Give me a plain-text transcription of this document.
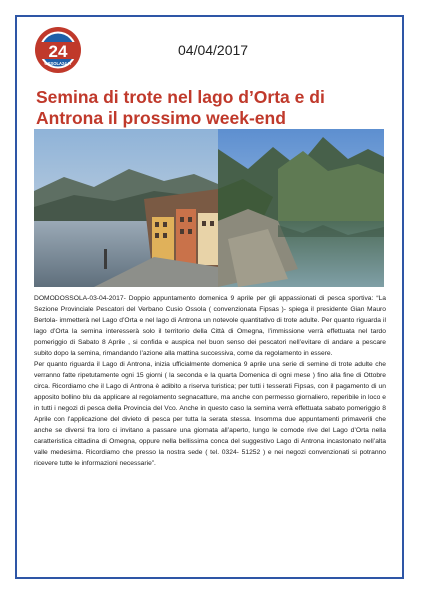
24
OSSOLA24.IT
04/04/2017
Semina di trote nel lago d’Orta e di Antrona il prossimo week-end

DOMODOSSOLA-03-04-2017- Doppio appuntamento domenica 9 aprile per gli appassionati di pesca sportiva: “La Sezione Provinciale Pescatori del Verbano Cusio Ossola ( convenzionata Fipsas )- spiega il presidente Gian Mauro Bertola- immetterà nel Lago d’Orta e nel lago di Antrona un notevole quantitativo di trote adulte. Per quanto riguarda il lago d’Orta la semina interesserà solo il territorio della Città di Omegna, l’immissione verrà effettuata nel tardo pomeriggio di Sabato 8 Aprile , si confida e auspica nel buon senso dei pescatori nell’evitare di andare a pescare subito dopo la semina, rimandando l’azione alla mattina successiva, come da regolamento in essere.

Per quanto riguarda il Lago di Antrona, inizia ufficialmente domenica 9 aprile una serie di semine di trote adulte che verranno fatte ripetutamente ogni 15 giorni ( la seconda e la quarta Domenica di ogni mese ) fino alla fine di Ottobre circa. Ricordiamo che il Lago di Antrona è adibito a riserva turistica; per tutti i tesserati Fipsas, con il pagamento di un apposito bollino blu da applicare al regolamento segnacatture, ma anche con permesso giornaliero, reperibile in loco e in tutti i negozi di pesca della Provincia del Vco. Anche in questo caso la semina verrà effettuata sabato pomeriggio 8 Aprile con l’applicazione del divieto di pesca per tutta la serata stessa. Insomma due appuntamenti primaverili che anche se diversi fra loro ci invitano a passare una giornata all’aperto, lungo le comode rive del Lago d’Orta nella caratteristica cittadina di Omegna, oppure nella bellissima conca del suggestivo Lago di Antrona incastonato nell’alta valle medesima. Ricordiamo che presso la nostra sede ( tel. 0324- 51252 ) e nei negozi convenzionati si potranno ricevere tutte le informazioni necessarie”.
